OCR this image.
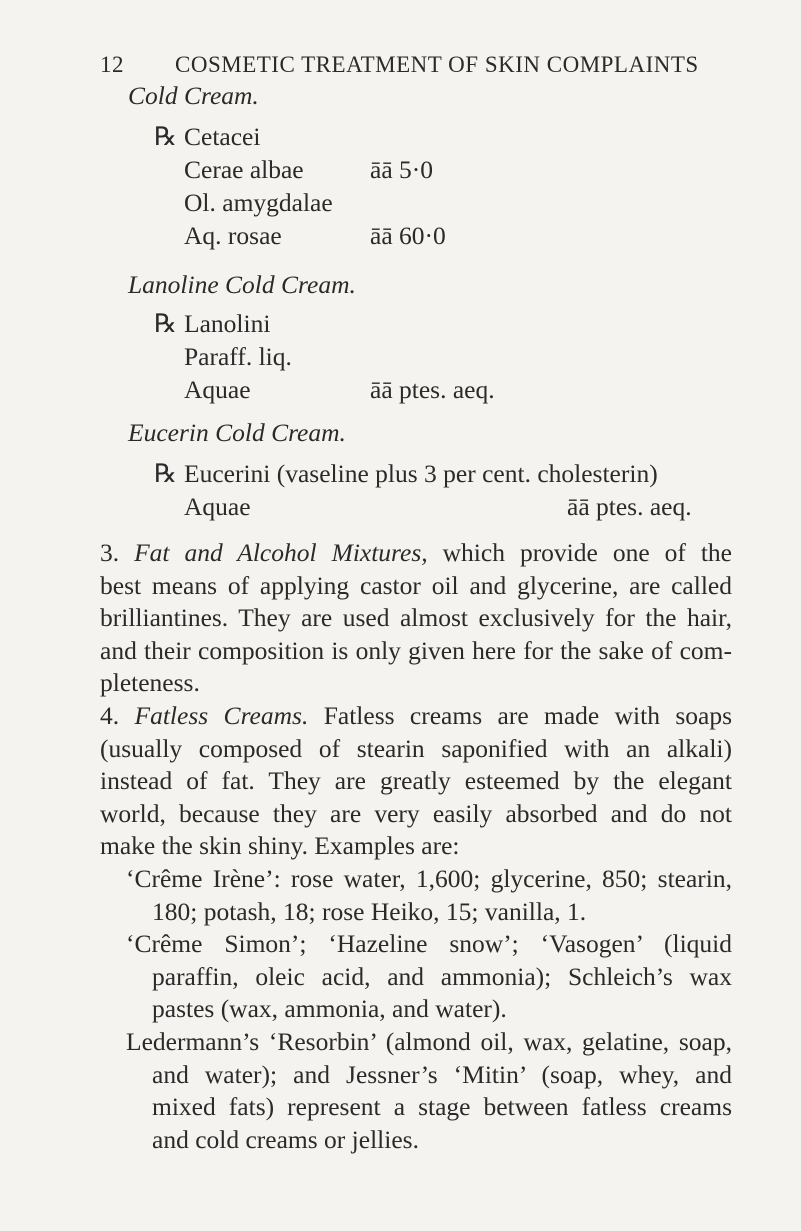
12 COSMETIC TREATMENT OF SKIN COMPLAINTS
Cold Cream.
℞ Cetacei
Cerae albae	āā 5·0
Ol. amygdalae
Aq. rosae	āā 60·0
Lanoline Cold Cream.
℞ Lanolini
Paraff. liq.
Aquae	āā ptes. aeq.
Eucerin Cold Cream.
℞ Eucerini (vaseline plus 3 per cent. cholesterin)
Aquae	āā ptes. aeq.
3. Fat and Alcohol Mixtures, which provide one of the
best means of applying castor oil and glycerine, are called
brilliantines. They are used almost exclusively for the hair,
and their composition is only given here for the sake of com-
pleteness.
4. Fatless Creams. Fatless creams are made with soaps
(usually composed of stearin saponified with an alkali)
instead of fat. They are greatly esteemed by the elegant
world, because they are very easily absorbed and do not
make the skin shiny. Examples are:
‘Crême Irène’: rose water, 1,600; glycerine, 850; stearin,
180; potash, 18; rose Heiko, 15; vanilla, 1.
‘Crême Simon’; ‘Hazeline snow’; ‘Vasogen’ (liquid
paraffin, oleic acid, and ammonia); Schleich’s wax
pastes (wax, ammonia, and water).
Ledermann’s ‘Resorbin’ (almond oil, wax, gelatine, soap,
and water); and Jessner’s ‘Mitin’ (soap, whey, and
mixed fats) represent a stage between fatless creams
and cold creams or jellies.
